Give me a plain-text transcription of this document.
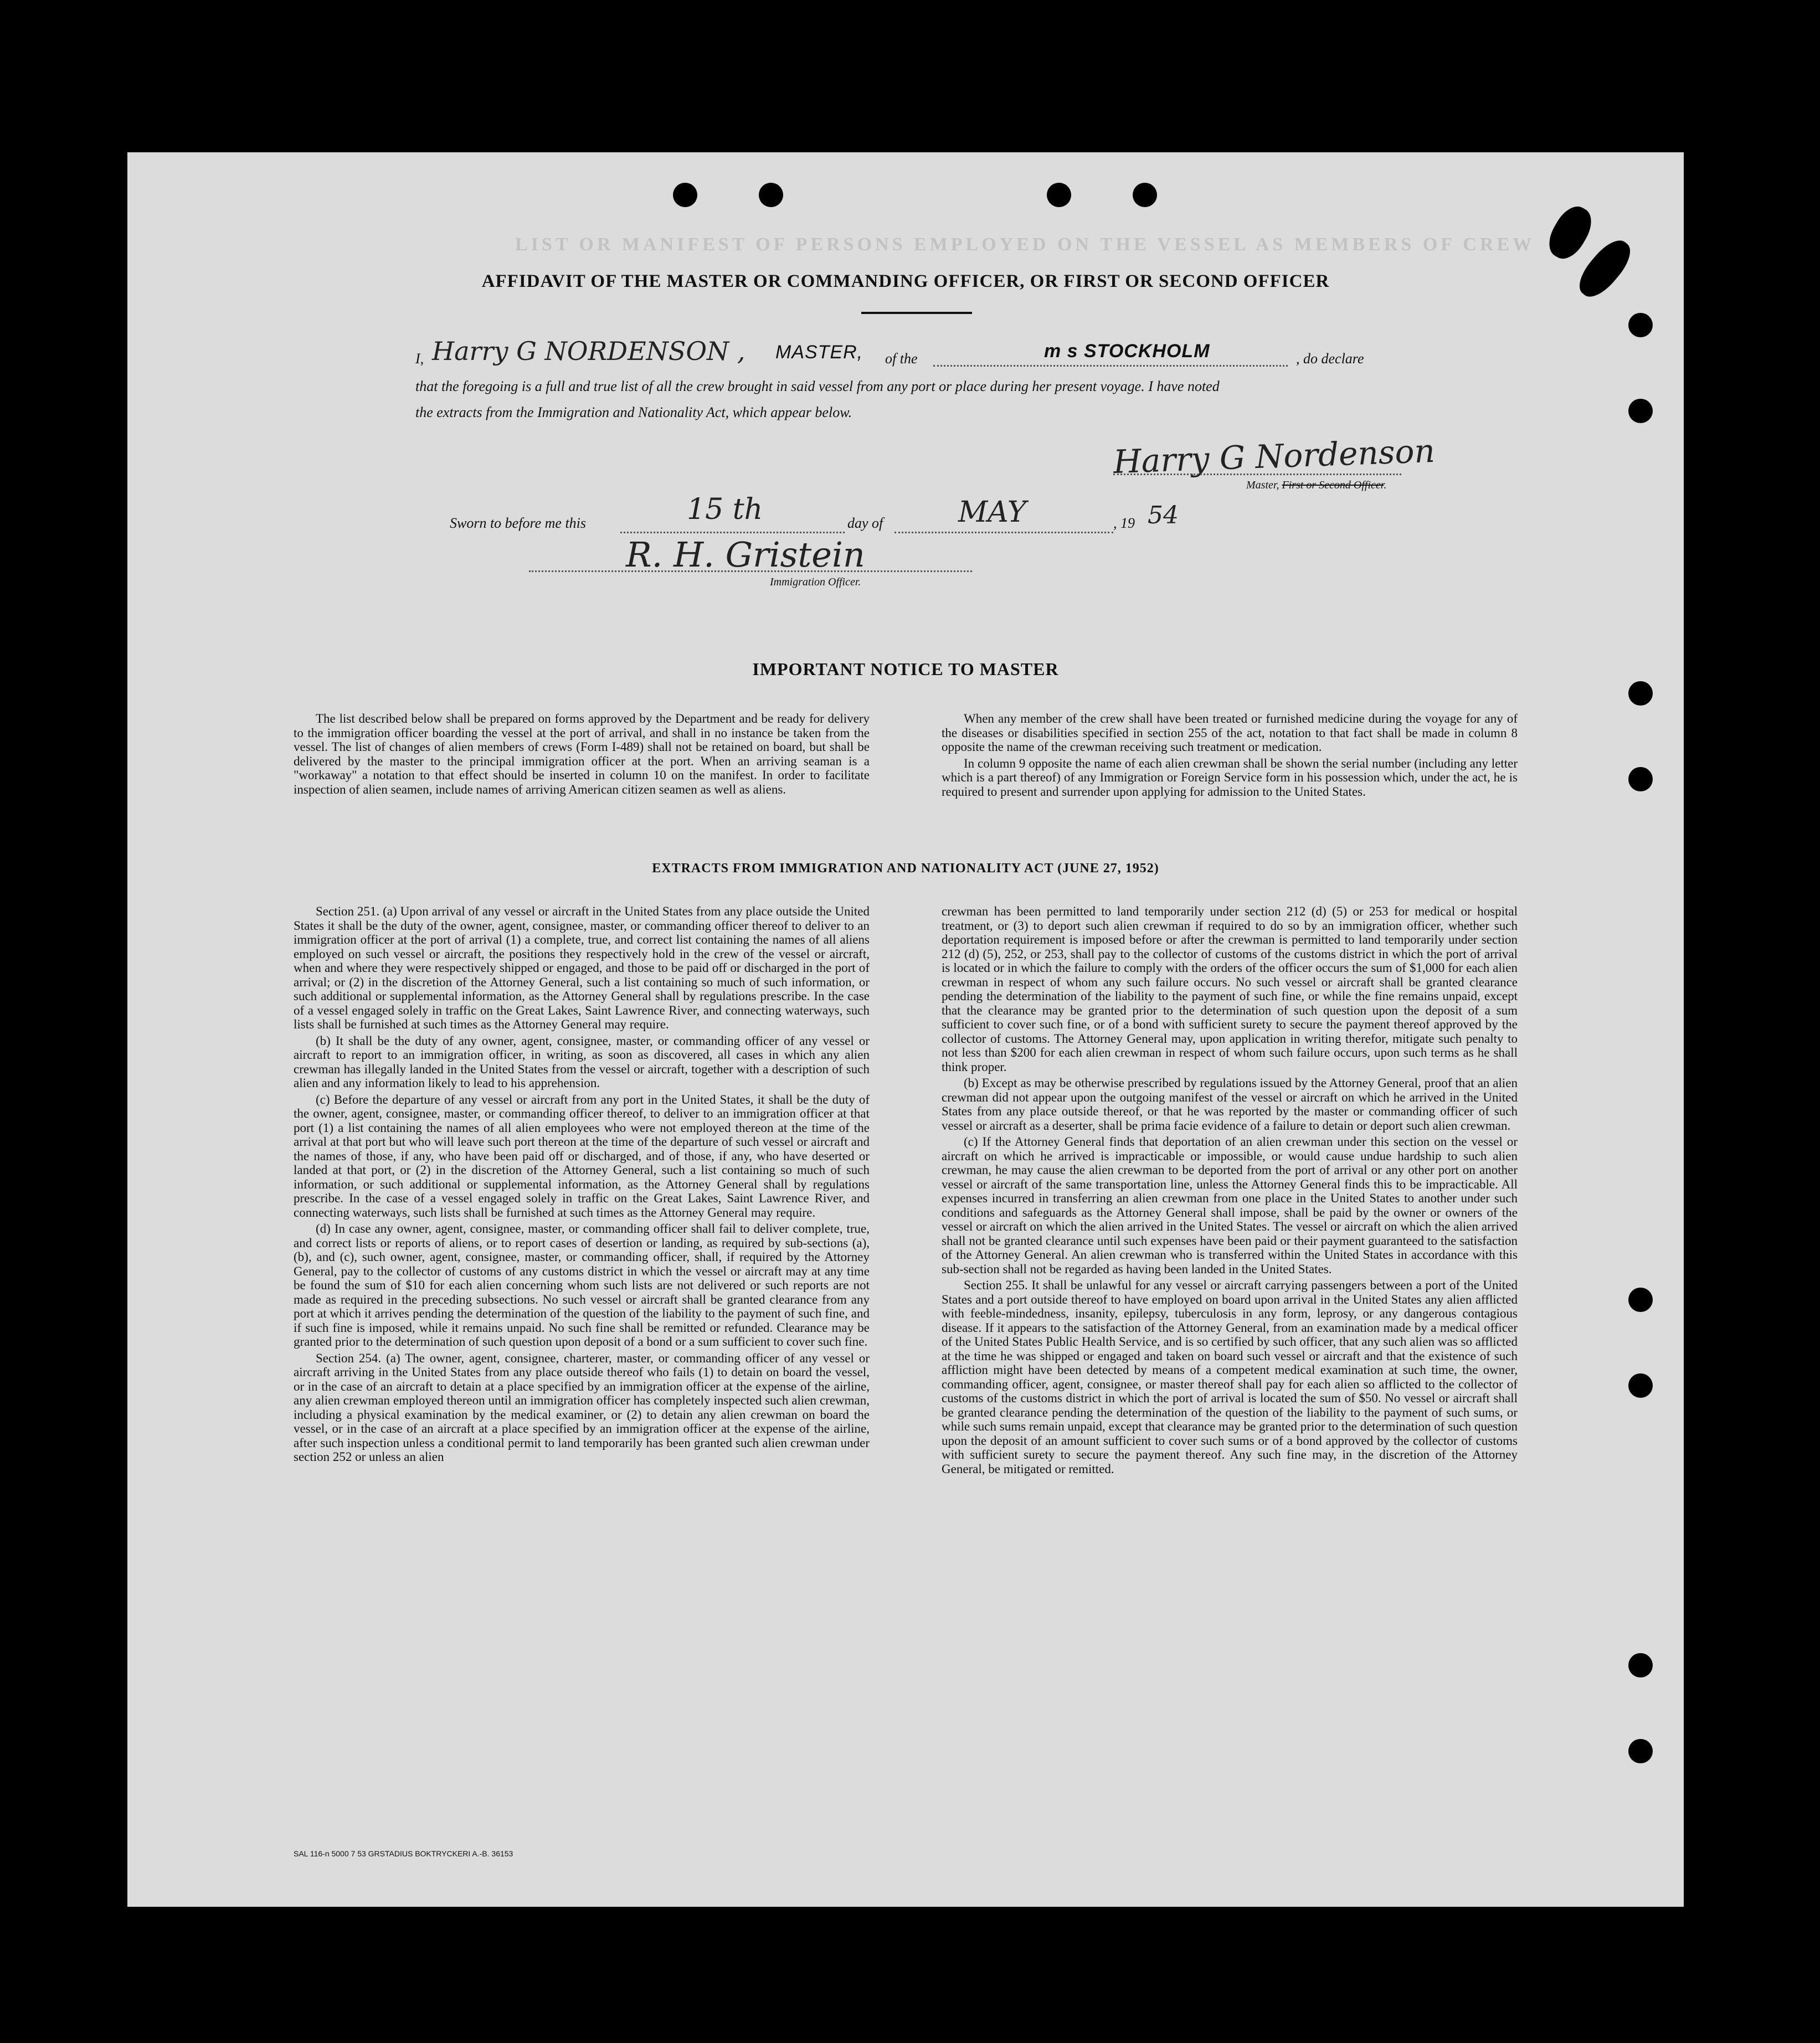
LIST OR MANIFEST OF PERSONS EMPLOYED ON THE VESSEL AS MEMBERS OF CREW
AFFIDAVIT OF THE MASTER OR COMMANDING OFFICER, OR FIRST OR SECOND OFFICER
I, Harry G NORDENSON , MASTER, of the	m s STOCKHOLM	, do declare
that the foregoing is a full and true list of all the crew brought in said vessel from any port or place during her present voyage. I have noted
the extracts from the Immigration and Nationality Act, which appear below.
Harry G Nordenson
Master, First or Second Officer.
Sworn to before me this	15 th	day of	MAY	, 19 54
R. H. Gristein
Immigration Officer.
IMPORTANT NOTICE TO MASTER

The list described below shall be prepared on forms approved by the Department and be ready for delivery to the immigration officer boarding the vessel at the port of arrival, and shall in no instance be taken from the vessel. The list of changes of alien members of crews (Form I-489) shall not be retained on board, but shall be delivered by the master to the principal immigration officer at the port. When an arriving seaman is a "workaway" a notation to that effect should be inserted in column 10 on the manifest. In order to facilitate inspection of alien seamen, include names of arriving American citizen seamen as well as aliens.

When any member of the crew shall have been treated or furnished medicine during the voyage for any of the diseases or disabilities specified in section 255 of the act, notation to that fact shall be made in column 8 opposite the name of the crewman receiving such treatment or medication.

In column 9 opposite the name of each alien crewman shall be shown the serial number (including any letter which is a part thereof) of any Immigration or Foreign Service form in his possession which, under the act, he is required to present and surrender upon applying for admission to the United States.

EXTRACTS FROM IMMIGRATION AND NATIONALITY ACT (JUNE 27, 1952)

Section 251. (a) Upon arrival of any vessel or aircraft in the United States from any place outside the United States it shall be the duty of the owner, agent, consignee, master, or commanding officer thereof to deliver to an immigration officer at the port of arrival (1) a complete, true, and correct list containing the names of all aliens employed on such vessel or aircraft, the positions they respectively hold in the crew of the vessel or aircraft, when and where they were respectively shipped or engaged, and those to be paid off or discharged in the port of arrival; or (2) in the discretion of the Attorney General, such a list containing so much of such information, or such additional or supplemental information, as the Attorney General shall by regulations prescribe. In the case of a vessel engaged solely in traffic on the Great Lakes, Saint Lawrence River, and connecting waterways, such lists shall be furnished at such times as the Attorney General may require.

(b) It shall be the duty of any owner, agent, consignee, master, or commanding officer of any vessel or aircraft to report to an immigration officer, in writing, as soon as discovered, all cases in which any alien crewman has illegally landed in the United States from the vessel or aircraft, together with a description of such alien and any information likely to lead to his apprehension.

(c) Before the departure of any vessel or aircraft from any port in the United States, it shall be the duty of the owner, agent, consignee, master, or commanding officer thereof, to deliver to an immigration officer at that port (1) a list containing the names of all alien employees who were not employed thereon at the time of the arrival at that port but who will leave such port thereon at the time of the departure of such vessel or aircraft and the names of those, if any, who have been paid off or discharged, and of those, if any, who have deserted or landed at that port, or (2) in the discretion of the Attorney General, such a list containing so much of such information, or such additional or supplemental information, as the Attorney General shall by regulations prescribe. In the case of a vessel engaged solely in traffic on the Great Lakes, Saint Lawrence River, and connecting waterways, such lists shall be furnished at such times as the Attorney General may require.

(d) In case any owner, agent, consignee, master, or commanding officer shall fail to deliver complete, true, and correct lists or reports of aliens, or to report cases of desertion or landing, as required by sub-sections (a), (b), and (c), such owner, agent, consignee, master, or commanding officer, shall, if required by the Attorney General, pay to the collector of customs of any customs district in which the vessel or aircraft may at any time be found the sum of $10 for each alien concerning whom such lists are not delivered or such reports are not made as required in the preceding subsections. No such vessel or aircraft shall be granted clearance from any port at which it arrives pending the determination of the question of the liability to the payment of such fine, and if such fine is imposed, while it remains unpaid. No such fine shall be remitted or refunded. Clearance may be granted prior to the determination of such question upon deposit of a bond or a sum sufficient to cover such fine.

Section 254. (a) The owner, agent, consignee, charterer, master, or commanding officer of any vessel or aircraft arriving in the United States from any place outside thereof who fails (1) to detain on board the vessel, or in the case of an aircraft to detain at a place specified by an immigration officer at the expense of the airline, any alien crewman employed thereon until an immigration officer has completely inspected such alien crewman, including a physical examination by the medical examiner, or (2) to detain any alien crewman on board the vessel, or in the case of an aircraft at a place specified by an immigration officer at the expense of the airline, after such inspection unless a conditional permit to land temporarily has been granted such alien crewman under section 252 or unless an alien

crewman has been permitted to land temporarily under section 212 (d) (5) or 253 for medical or hospital treatment, or (3) to deport such alien crewman if required to do so by an immigration officer, whether such deportation requirement is imposed before or after the crewman is permitted to land temporarily under section 212 (d) (5), 252, or 253, shall pay to the collector of customs of the customs district in which the port of arrival is located or in which the failure to comply with the orders of the officer occurs the sum of $1,000 for each alien crewman in respect of whom any such failure occurs. No such vessel or aircraft shall be granted clearance pending the determination of the liability to the payment of such fine, or while the fine remains unpaid, except that the clearance may be granted prior to the determination of such question upon the deposit of a sum sufficient to cover such fine, or of a bond with sufficient surety to secure the payment thereof approved by the collector of customs. The Attorney General may, upon application in writing therefor, mitigate such penalty to not less than $200 for each alien crewman in respect of whom such failure occurs, upon such terms as he shall think proper.

(b) Except as may be otherwise prescribed by regulations issued by the Attorney General, proof that an alien crewman did not appear upon the outgoing manifest of the vessel or aircraft on which he arrived in the United States from any place outside thereof, or that he was reported by the master or commanding officer of such vessel or aircraft as a deserter, shall be prima facie evidence of a failure to detain or deport such alien crewman.

(c) If the Attorney General finds that deportation of an alien crewman under this section on the vessel or aircraft on which he arrived is impracticable or impossible, or would cause undue hardship to such alien crewman, he may cause the alien crewman to be deported from the port of arrival or any other port on another vessel or aircraft of the same transportation line, unless the Attorney General finds this to be impracticable. All expenses incurred in transferring an alien crewman from one place in the United States to another under such conditions and safeguards as the Attorney General shall impose, shall be paid by the owner or owners of the vessel or aircraft on which the alien arrived in the United States. The vessel or aircraft on which the alien arrived shall not be granted clearance until such expenses have been paid or their payment guaranteed to the satisfaction of the Attorney General. An alien crewman who is transferred within the United States in accordance with this sub-section shall not be regarded as having been landed in the United States.

Section 255. It shall be unlawful for any vessel or aircraft carrying passengers between a port of the United States and a port outside thereof to have employed on board upon arrival in the United States any alien afflicted with feeble-mindedness, insanity, epilepsy, tuberculosis in any form, leprosy, or any dangerous contagious disease. If it appears to the satisfaction of the Attorney General, from an examination made by a medical officer of the United States Public Health Service, and is so certified by such officer, that any such alien was so afflicted at the time he was shipped or engaged and taken on board such vessel or aircraft and that the existence of such affliction might have been detected by means of a competent medical examination at such time, the owner, commanding officer, agent, consignee, or master thereof shall pay for each alien so afflicted to the collector of customs of the customs district in which the port of arrival is located the sum of $50. No vessel or aircraft shall be granted clearance pending the determination of the question of the liability to the payment of such sums, or while such sums remain unpaid, except that clearance may be granted prior to the determination of such question upon the deposit of an amount sufficient to cover such sums or of a bond approved by the collector of customs with sufficient surety to secure the payment thereof. Any such fine may, in the discretion of the Attorney General, be mitigated or remitted.

SAL 116-n 5000 7 53 GRSTADIUS BOKTRYCKERI A.-B. 36153
